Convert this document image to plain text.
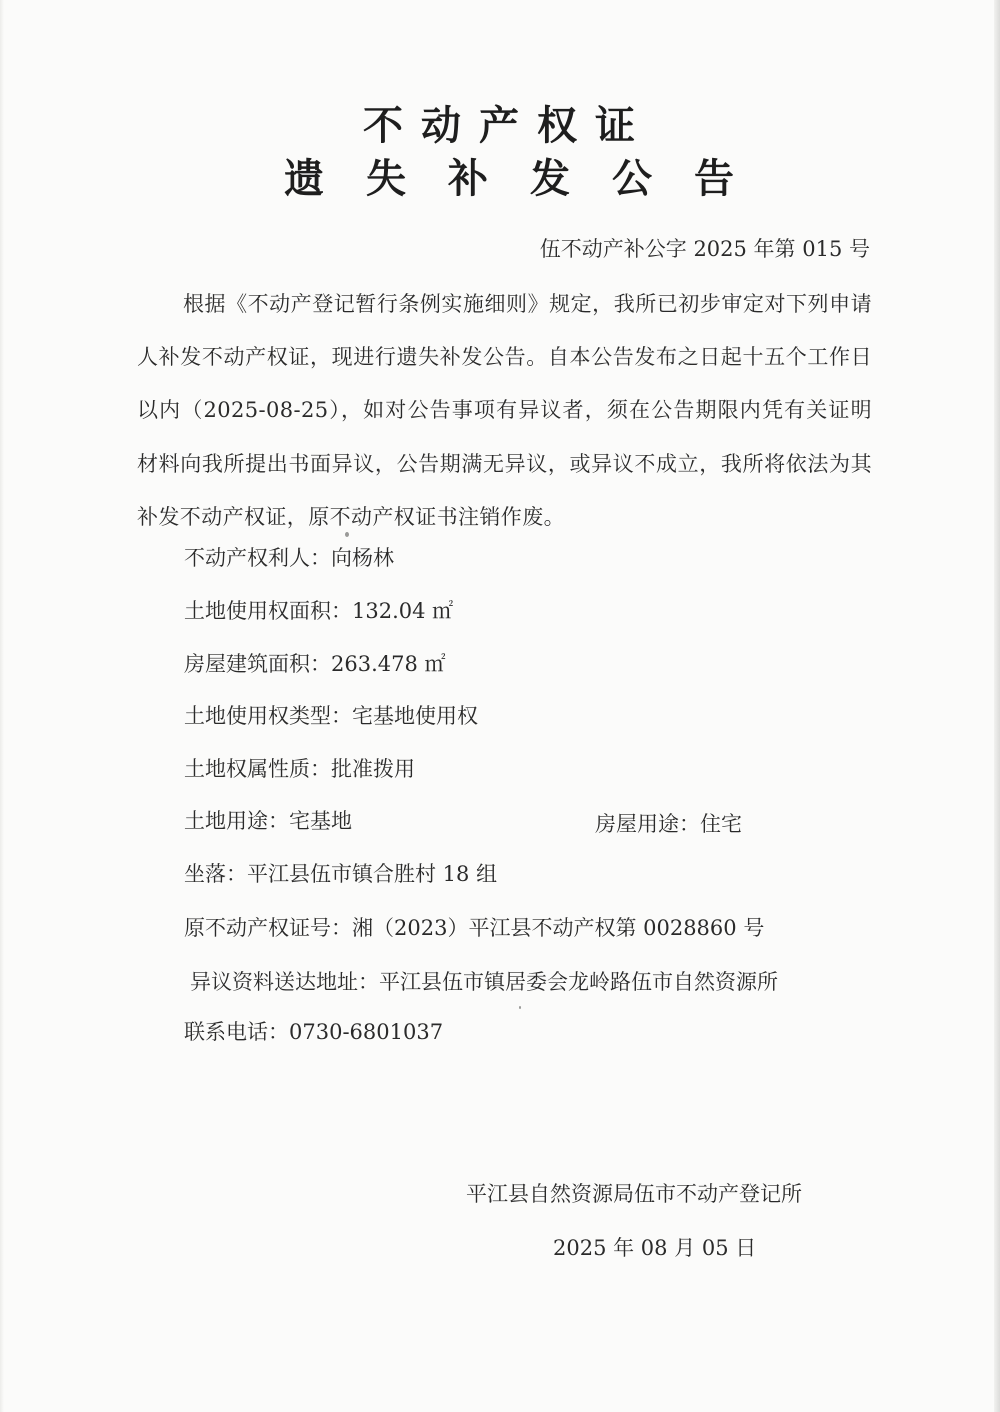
不动产权证
遗失补发公告
伍不动产补公字 2025 年第 015 号
根据《不动产登记暂行条例实施细则》规定，我所已初步审定对下列申请人补发不动产权证，现进行遗失补发公告。自本公告发布之日起十五个工作日以内（2025-08-25），如对公告事项有异议者，须在公告期限内凭有关证明材料向我所提出书面异议，公告期满无异议，或异议不成立，我所将依法为其补发不动产权证，原不动产权证书注销作废。
不动产权利人：向杨林
土地使用权面积：132.04 ㎡
房屋建筑面积：263.478 ㎡
土地使用权类型：宅基地使用权
土地权属性质：批准拨用
土地用途：宅基地	房屋用途：住宅
坐落：平江县伍市镇合胜村 18 组
原不动产权证号：湘（2023）平江县不动产权第 0028860 号
异议资料送达地址：平江县伍市镇居委会龙岭路伍市自然资源所
联系电话：0730-6801037
平江县自然资源局伍市不动产登记所
2025 年 08 月 05 日
